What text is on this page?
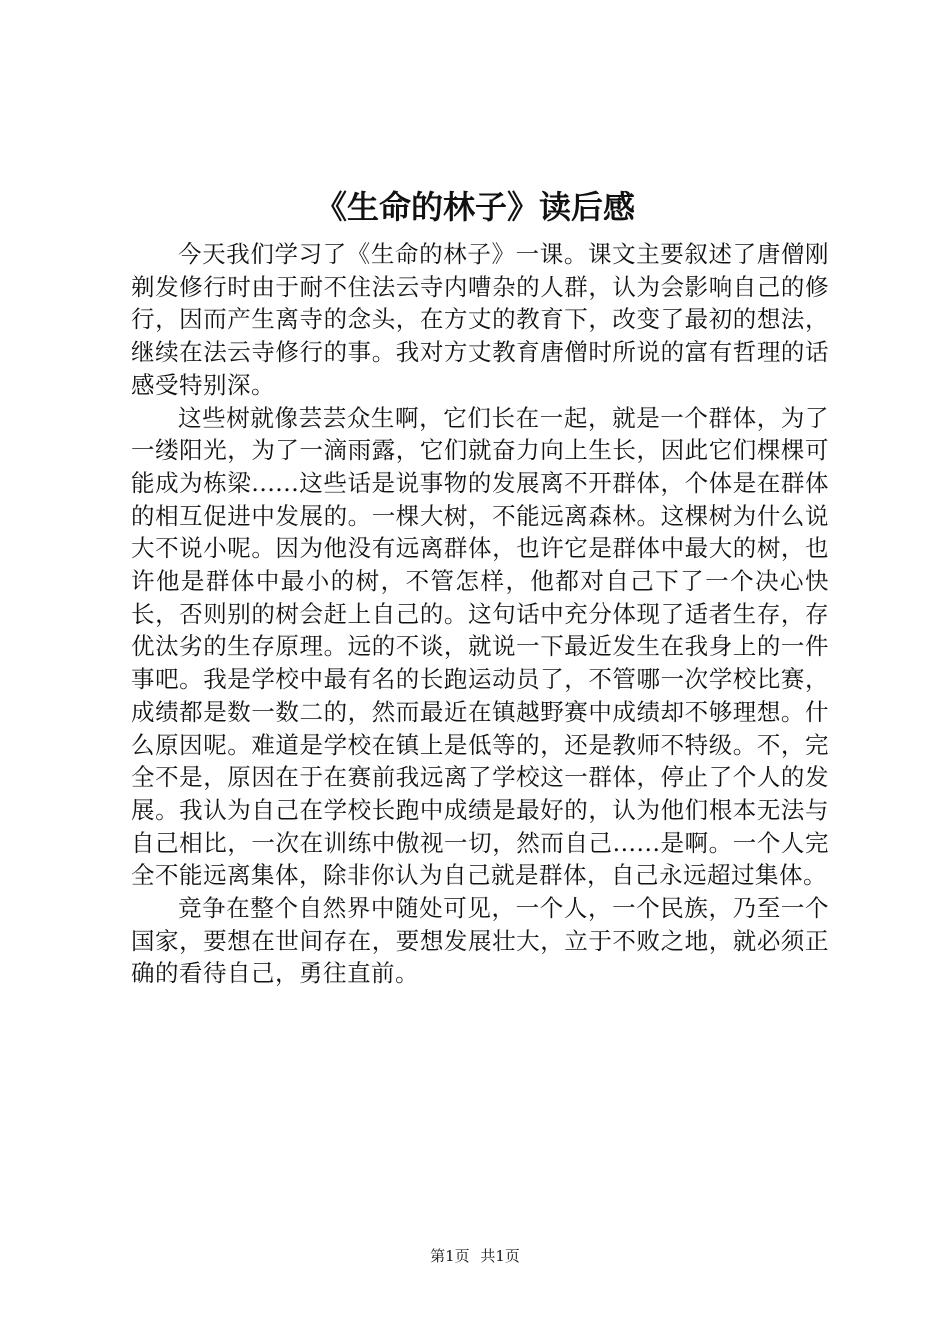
《生命的林子》读后感

今天我们学习了《生命的林子》一课。课文主要叙述了唐僧刚剃发修行时由于耐不住法云寺内嘈杂的人群，认为会影响自己的修行，因而产生离寺的念头，在方丈的教育下，改变了最初的想法，继续在法云寺修行的事。我对方丈教育唐僧时所说的富有哲理的话感受特别深。

这些树就像芸芸众生啊，它们长在一起，就是一个群体，为了一缕阳光，为了一滴雨露，它们就奋力向上生长，因此它们棵棵可能成为栋梁......这些话是说事物的发展离不开群体，个体是在群体的相互促进中发展的。一棵大树，不能远离森林。这棵树为什么说大不说小呢。因为他没有远离群体，也许它是群体中最大的树，也许他是群体中最小的树，不管怎样，他都对自己下了一个决心快长，否则别的树会赶上自己的。这句话中充分体现了适者生存，存优汰劣的生存原理。远的不谈，就说一下最近发生在我身上的一件事吧。我是学校中最有名的长跑运动员了，不管哪一次学校比赛，成绩都是数一数二的，然而最近在镇越野赛中成绩却不够理想。什么原因呢。难道是学校在镇上是低等的，还是教师不特级。不，完全不是，原因在于在赛前我远离了学校这一群体，停止了个人的发展。我认为自己在学校长跑中成绩是最好的，认为他们根本无法与自己相比，一次在训练中傲视一切，然而自己......是啊。一个人完全不能远离集体，除非你认为自己就是群体，自己永远超过集体。

竞争在整个自然界中随处可见，一个人，一个民族，乃至一个国家，要想在世间存在，要想发展壮大，立于不败之地，就必须正确的看待自己，勇往直前。

第1页 共1页
